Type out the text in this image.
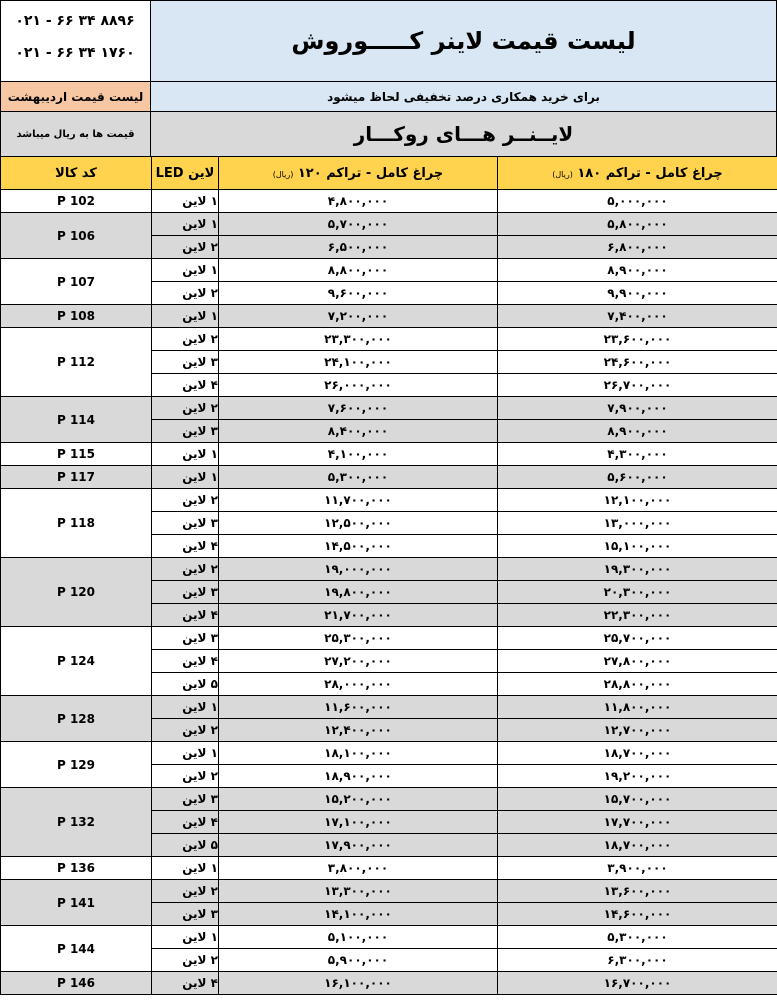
۰۲۱ - ۶۶ ۳۴ ۸۸۹۶
۰۲۱ - ۶۶ ۳۴ ۱۷۶۰	لیست قیمت لاینر کـــــوروش
لیست قیمت اردیبهشت	برای خرید همکاری درصد تخفیفی لحاظ میشود
قیمت ها به ریال میباشد	لایــنــر هـــای روکـــار
کد کالا	لاین LED	چراغ کامل - تراکم ۱۲۰ (ریال)	چراغ کامل - تراکم ۱۸۰ (ریال)
P 102	۱ لاین	۴,۸۰۰,۰۰۰	۵,۰۰۰,۰۰۰
P 106	۱ لاین	۵,۷۰۰,۰۰۰	۵,۸۰۰,۰۰۰
	۲ لاین	۶,۵۰۰,۰۰۰	۶,۸۰۰,۰۰۰
P 107	۱ لاین	۸,۸۰۰,۰۰۰	۸,۹۰۰,۰۰۰
	۲ لاین	۹,۶۰۰,۰۰۰	۹,۹۰۰,۰۰۰
P 108	۱ لاین	۷,۲۰۰,۰۰۰	۷,۴۰۰,۰۰۰
P 112	۲ لاین	۲۳,۳۰۰,۰۰۰	۲۳,۶۰۰,۰۰۰
	۳ لاین	۲۴,۱۰۰,۰۰۰	۲۴,۶۰۰,۰۰۰
	۴ لاین	۲۶,۰۰۰,۰۰۰	۲۶,۷۰۰,۰۰۰
P 114	۲ لاین	۷,۶۰۰,۰۰۰	۷,۹۰۰,۰۰۰
	۳ لاین	۸,۴۰۰,۰۰۰	۸,۹۰۰,۰۰۰
P 115	۱ لاین	۴,۱۰۰,۰۰۰	۴,۳۰۰,۰۰۰
P 117	۱ لاین	۵,۳۰۰,۰۰۰	۵,۶۰۰,۰۰۰
P 118	۲ لاین	۱۱,۷۰۰,۰۰۰	۱۲,۱۰۰,۰۰۰
	۳ لاین	۱۲,۵۰۰,۰۰۰	۱۳,۰۰۰,۰۰۰
	۴ لاین	۱۴,۵۰۰,۰۰۰	۱۵,۱۰۰,۰۰۰
P 120	۲ لاین	۱۹,۰۰۰,۰۰۰	۱۹,۳۰۰,۰۰۰
	۳ لاین	۱۹,۸۰۰,۰۰۰	۲۰,۳۰۰,۰۰۰
	۴ لاین	۲۱,۷۰۰,۰۰۰	۲۲,۳۰۰,۰۰۰
P 124	۳ لاین	۲۵,۳۰۰,۰۰۰	۲۵,۷۰۰,۰۰۰
	۴ لاین	۲۷,۲۰۰,۰۰۰	۲۷,۸۰۰,۰۰۰
	۵ لاین	۲۸,۰۰۰,۰۰۰	۲۸,۸۰۰,۰۰۰
P 128	۱ لاین	۱۱,۶۰۰,۰۰۰	۱۱,۸۰۰,۰۰۰
	۲ لاین	۱۲,۴۰۰,۰۰۰	۱۲,۷۰۰,۰۰۰
P 129	۱ لاین	۱۸,۱۰۰,۰۰۰	۱۸,۷۰۰,۰۰۰
	۲ لاین	۱۸,۹۰۰,۰۰۰	۱۹,۲۰۰,۰۰۰
P 132	۳ لاین	۱۵,۲۰۰,۰۰۰	۱۵,۷۰۰,۰۰۰
	۴ لاین	۱۷,۱۰۰,۰۰۰	۱۷,۷۰۰,۰۰۰
	۵ لاین	۱۷,۹۰۰,۰۰۰	۱۸,۷۰۰,۰۰۰
P 136	۱ لاین	۳,۸۰۰,۰۰۰	۳,۹۰۰,۰۰۰
P 141	۲ لاین	۱۳,۳۰۰,۰۰۰	۱۳,۶۰۰,۰۰۰
	۳ لاین	۱۴,۱۰۰,۰۰۰	۱۴,۶۰۰,۰۰۰
P 144	۱ لاین	۵,۱۰۰,۰۰۰	۵,۳۰۰,۰۰۰
	۲ لاین	۵,۹۰۰,۰۰۰	۶,۳۰۰,۰۰۰
P 146	۴ لاین	۱۶,۱۰۰,۰۰۰	۱۶,۷۰۰,۰۰۰
